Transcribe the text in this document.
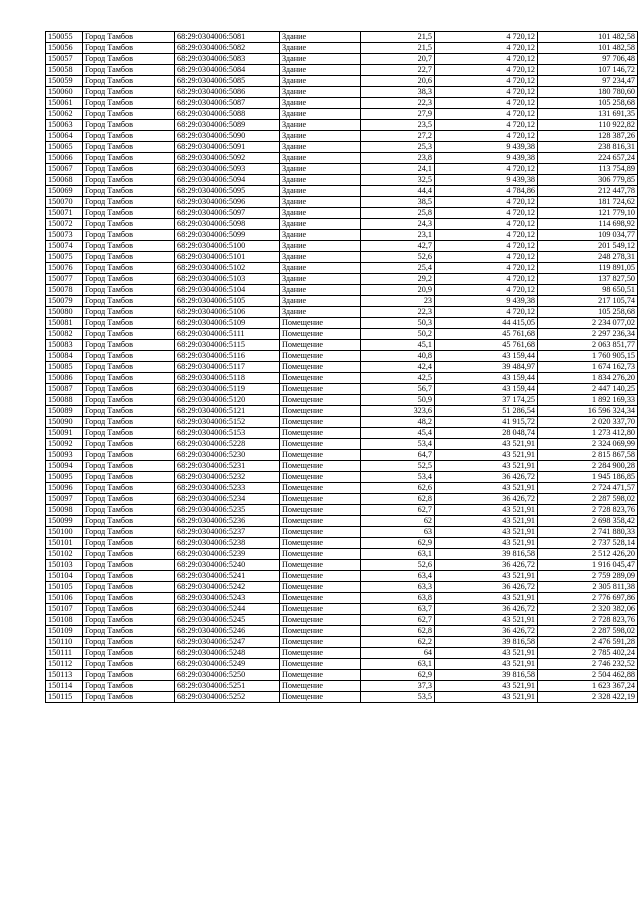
150055	Город Тамбов	68:29:0304006:5081	Здание	21,5	4 720,12	101 482,58
150056	Город Тамбов	68:29:0304006:5082	Здание	21,5	4 720,12	101 482,58
150057	Город Тамбов	68:29:0304006:5083	Здание	20,7	4 720,12	97 706,48
150058	Город Тамбов	68:29:0304006:5084	Здание	22,7	4 720,12	107 146,72
150059	Город Тамбов	68:29:0304006:5085	Здание	20,6	4 720,12	97 234,47
150060	Город Тамбов	68:29:0304006:5086	Здание	38,3	4 720,12	180 780,60
150061	Город Тамбов	68:29:0304006:5087	Здание	22,3	4 720,12	105 258,68
150062	Город Тамбов	68:29:0304006:5088	Здание	27,9	4 720,12	131 691,35
150063	Город Тамбов	68:29:0304006:5089	Здание	23,5	4 720,12	110 922,82
150064	Город Тамбов	68:29:0304006:5090	Здание	27,2	4 720,12	128 387,26
150065	Город Тамбов	68:29:0304006:5091	Здание	25,3	9 439,38	238 816,31
150066	Город Тамбов	68:29:0304006:5092	Здание	23,8	9 439,38	224 657,24
150067	Город Тамбов	68:29:0304006:5093	Здание	24,1	4 720,12	113 754,89
150068	Город Тамбов	68:29:0304006:5094	Здание	32,5	9 439,38	306 779,85
150069	Город Тамбов	68:29:0304006:5095	Здание	44,4	4 784,86	212 447,78
150070	Город Тамбов	68:29:0304006:5096	Здание	38,5	4 720,12	181 724,62
150071	Город Тамбов	68:29:0304006:5097	Здание	25,8	4 720,12	121 779,10
150072	Город Тамбов	68:29:0304006:5098	Здание	24,3	4 720,12	114 698,92
150073	Город Тамбов	68:29:0304006:5099	Здание	23,1	4 720,12	109 034,77
150074	Город Тамбов	68:29:0304006:5100	Здание	42,7	4 720,12	201 549,12
150075	Город Тамбов	68:29:0304006:5101	Здание	52,6	4 720,12	248 278,31
150076	Город Тамбов	68:29:0304006:5102	Здание	25,4	4 720,12	119 891,05
150077	Город Тамбов	68:29:0304006:5103	Здание	29,2	4 720,12	137 827,50
150078	Город Тамбов	68:29:0304006:5104	Здание	20,9	4 720,12	98 650,51
150079	Город Тамбов	68:29:0304006:5105	Здание	23	9 439,38	217 105,74
150080	Город Тамбов	68:29:0304006:5106	Здание	22,3	4 720,12	105 258,68
150081	Город Тамбов	68:29:0304006:5109	Помещение	50,3	44 415,05	2 234 077,02
150082	Город Тамбов	68:29:0304006:5111	Помещение	50,2	45 761,68	2 297 236,34
150083	Город Тамбов	68:29:0304006:5115	Помещение	45,1	45 761,68	2 063 851,77
150084	Город Тамбов	68:29:0304006:5116	Помещение	40,8	43 159,44	1 760 905,15
150085	Город Тамбов	68:29:0304006:5117	Помещение	42,4	39 484,97	1 674 162,73
150086	Город Тамбов	68:29:0304006:5118	Помещение	42,5	43 159,44	1 834 276,20
150087	Город Тамбов	68:29:0304006:5119	Помещение	56,7	43 159,44	2 447 140,25
150088	Город Тамбов	68:29:0304006:5120	Помещение	50,9	37 174,25	1 892 169,33
150089	Город Тамбов	68:29:0304006:5121	Помещение	323,6	51 286,54	16 596 324,34
150090	Город Тамбов	68:29:0304006:5152	Помещение	48,2	41 915,72	2 020 337,70
150091	Город Тамбов	68:29:0304006:5153	Помещение	45,4	28 048,74	1 273 412,80
150092	Город Тамбов	68:29:0304006:5228	Помещение	53,4	43 521,91	2 324 069,99
150093	Город Тамбов	68:29:0304006:5230	Помещение	64,7	43 521,91	2 815 867,58
150094	Город Тамбов	68:29:0304006:5231	Помещение	52,5	43 521,91	2 284 900,28
150095	Город Тамбов	68:29:0304006:5232	Помещение	53,4	36 426,72	1 945 186,85
150096	Город Тамбов	68:29:0304006:5233	Помещение	62,6	43 521,91	2 724 471,57
150097	Город Тамбов	68:29:0304006:5234	Помещение	62,8	36 426,72	2 287 598,02
150098	Город Тамбов	68:29:0304006:5235	Помещение	62,7	43 521,91	2 728 823,76
150099	Город Тамбов	68:29:0304006:5236	Помещение	62	43 521,91	2 698 358,42
150100	Город Тамбов	68:29:0304006:5237	Помещение	63	43 521,91	2 741 880,33
150101	Город Тамбов	68:29:0304006:5238	Помещение	62,9	43 521,91	2 737 528,14
150102	Город Тамбов	68:29:0304006:5239	Помещение	63,1	39 816,58	2 512 426,20
150103	Город Тамбов	68:29:0304006:5240	Помещение	52,6	36 426,72	1 916 045,47
150104	Город Тамбов	68:29:0304006:5241	Помещение	63,4	43 521,91	2 759 289,09
150105	Город Тамбов	68:29:0304006:5242	Помещение	63,3	36 426,72	2 305 811,38
150106	Город Тамбов	68:29:0304006:5243	Помещение	63,8	43 521,91	2 776 697,86
150107	Город Тамбов	68:29:0304006:5244	Помещение	63,7	36 426,72	2 320 382,06
150108	Город Тамбов	68:29:0304006:5245	Помещение	62,7	43 521,91	2 728 823,76
150109	Город Тамбов	68:29:0304006:5246	Помещение	62,8	36 426,72	2 287 598,02
150110	Город Тамбов	68:29:0304006:5247	Помещение	62,2	39 816,58	2 476 591,28
150111	Город Тамбов	68:29:0304006:5248	Помещение	64	43 521,91	2 785 402,24
150112	Город Тамбов	68:29:0304006:5249	Помещение	63,1	43 521,91	2 746 232,52
150113	Город Тамбов	68:29:0304006:5250	Помещение	62,9	39 816,58	2 504 462,88
150114	Город Тамбов	68:29:0304006:5251	Помещение	37,3	43 521,91	1 623 367,24
150115	Город Тамбов	68:29:0304006:5252	Помещение	53,5	43 521,91	2 328 422,19
